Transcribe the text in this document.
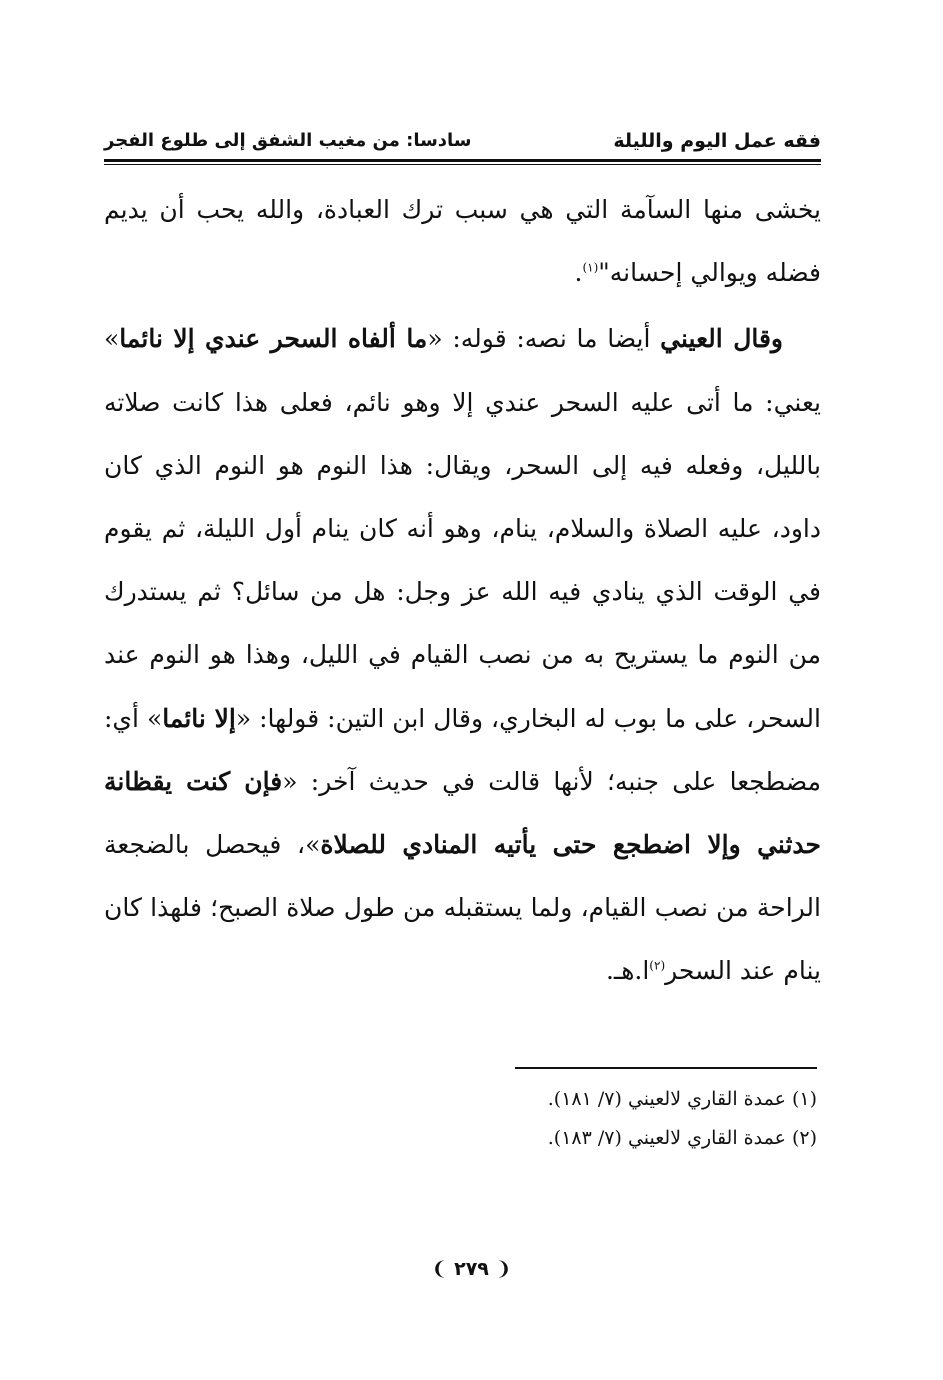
فقه عمل اليوم والليلة
سادسا: من مغيب الشفق إلى طلوع الفجر

يخشى منها السآمة التي هي سبب ترك العبادة، والله يحب أن يديم فضله ويوالي إحسانه"$^{(١)}$.

وقال العيني أيضا ما نصه: قوله: «ما ألفاه السحر عندي إلا نائما» يعني: ما أتى عليه السحر عندي إلا وهو نائم، فعلى هذا كانت صلاته بالليل، وفعله فيه إلى السحر، ويقال: هذا النوم هو النوم الذي كان داود، عليه الصلاة والسلام، ينام، وهو أنه كان ينام أول الليلة، ثم يقوم في الوقت الذي ينادي فيه الله عز وجل: هل من سائل؟ ثم يستدرك من النوم ما يستريح به من نصب القيام في الليل، وهذا هو النوم عند السحر، على ما بوب له البخاري، وقال ابن التين: قولها: «إلا نائما» أي: مضطجعا على جنبه؛ لأنها قالت في حديث آخر: «فإن كنت يقظانة حدثني وإلا اضطجع حتى يأتيه المنادي للصلاة»، فيحصل بالضجعة الراحة من نصب القيام، ولما يستقبله من طول صلاة الصبح؛ فلهذا كان ينام عند السحر$^{(٢)}$ا.هـ.

(١) عمدة القاري لالعيني (٧/ ١٨١).
(٢) عمدة القاري لالعيني (٧/ ١٨٣).
❨ ٢٧٩ ❩
